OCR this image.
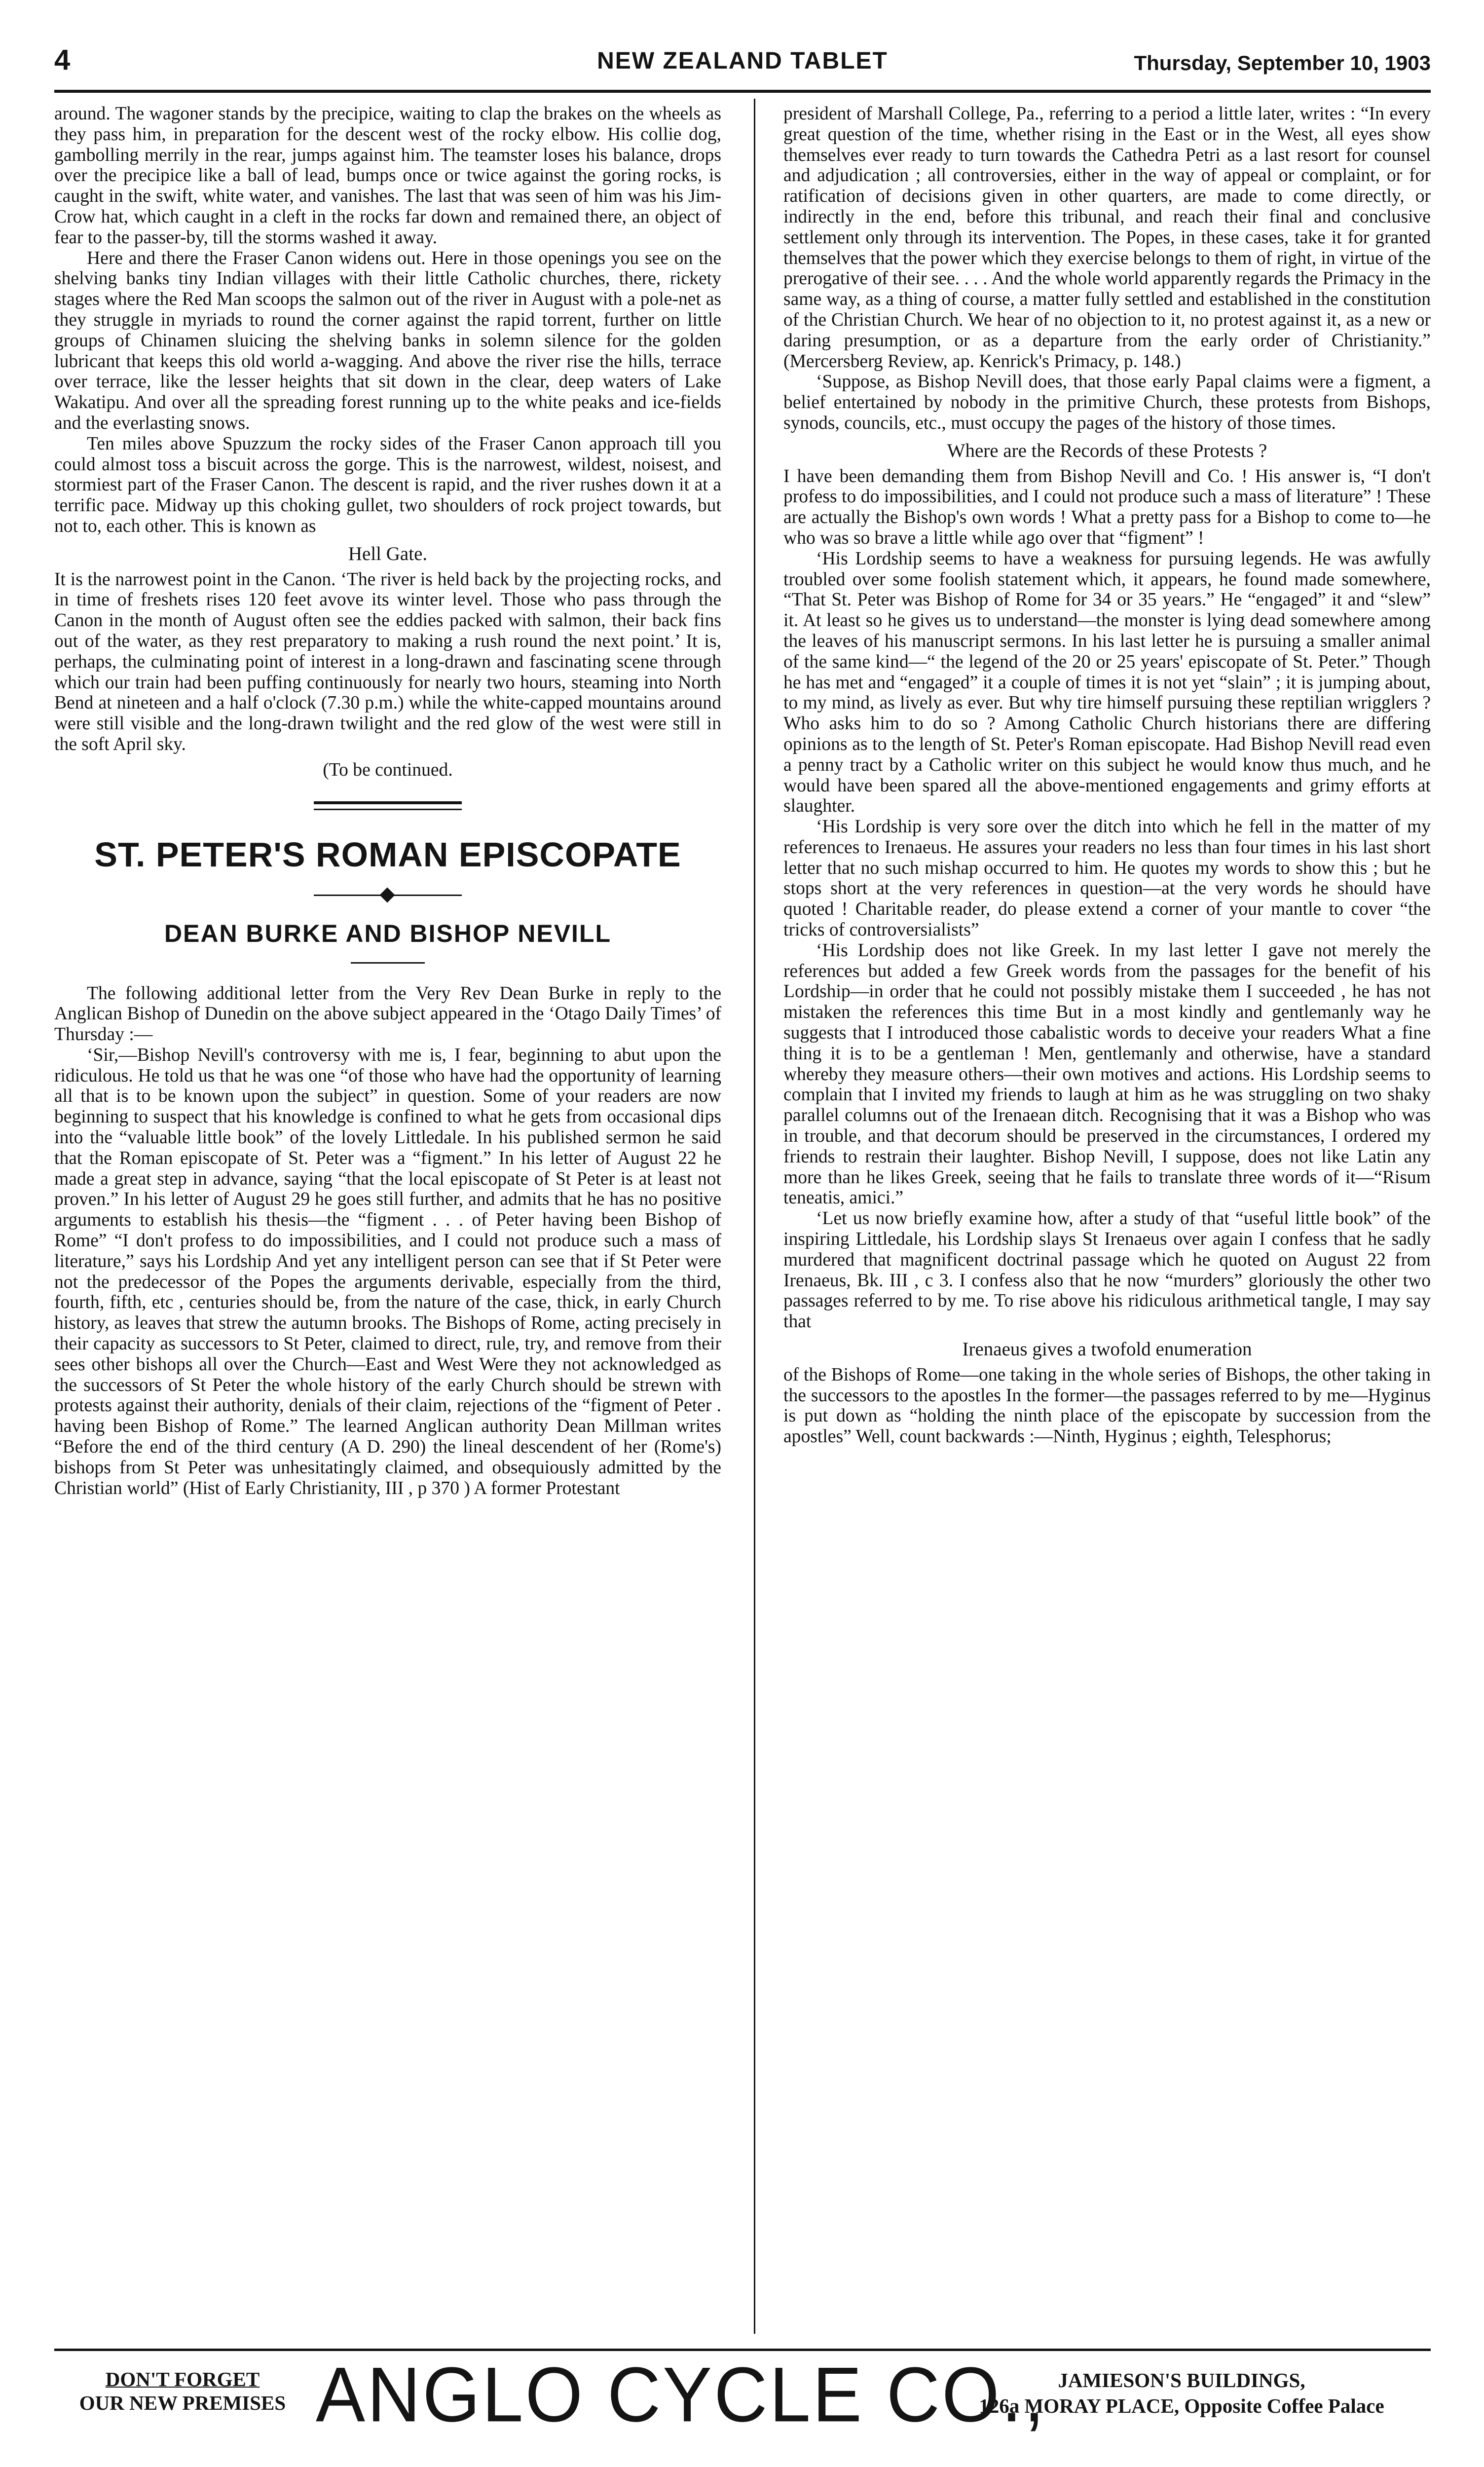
4	NEW ZEALAND TABLET	Thursday, September 10, 1903

around. The wagoner stands by the precipice, waiting to clap the brakes on the wheels as they pass him, in preparation for the descent west of the rocky elbow. His collie dog, gambolling merrily in the rear, jumps against him. The teamster loses his balance, drops over the precipice like a ball of lead, bumps once or twice against the goring rocks, is caught in the swift, white water, and vanishes. The last that was seen of him was his Jim-Crow hat, which caught in a cleft in the rocks far down and remained there, an object of fear to the passer-by, till the storms washed it away.

Here and there the Fraser Canon widens out. Here in those openings you see on the shelving banks tiny Indian villages with their little Catholic churches, there, rickety stages where the Red Man scoops the salmon out of the river in August with a pole-net as they struggle in myriads to round the corner against the rapid torrent, further on little groups of Chinamen sluicing the shelving banks in solemn silence for the golden lubricant that keeps this old world a-wagging. And above the river rise the hills, terrace over terrace, like the lesser heights that sit down in the clear, deep waters of Lake Wakatipu. And over all the spreading forest running up to the white peaks and ice-fields and the everlasting snows.

Ten miles above Spuzzum the rocky sides of the Fraser Canon approach till you could almost toss a biscuit across the gorge. This is the narrowest, wildest, noisest, and stormiest part of the Fraser Canon. The descent is rapid, and the river rushes down it at a terrific pace. Midway up this choking gullet, two shoulders of rock project towards, but not to, each other. This is known as

Hell Gate.

It is the narrowest point in the Canon. ‘The river is held back by the projecting rocks, and in time of freshets rises 120 feet avove its winter level. Those who pass through the Canon in the month of August often see the eddies packed with salmon, their back fins out of the water, as they rest preparatory to making a rush round the next point.’ It is, perhaps, the culminating point of interest in a long-drawn and fascinating scene through which our train had been puffing continuously for nearly two hours, steaming into North Bend at nineteen and a half o'clock (7.30 p.m.) while the white-capped mountains around were still visible and the long-drawn twilight and the red glow of the west were still in the soft April sky.

(To be continued.

ST. PETER'S ROMAN EPISCOPATE
DEAN BURKE AND BISHOP NEVILL

The following additional letter from the Very Rev Dean Burke in reply to the Anglican Bishop of Dunedin on the above subject appeared in the ‘Otago Daily Times’ of Thursday :—

‘Sir,—Bishop Nevill's controversy with me is, I fear, beginning to abut upon the ridiculous. He told us that he was one “of those who have had the opportunity of learning all that is to be known upon the subject” in question. Some of your readers are now beginning to suspect that his knowledge is confined to what he gets from occasional dips into the “valuable little book” of the lovely Littledale. In his published sermon he said that the Roman episcopate of St. Peter was a “figment.” In his letter of August 22 he made a great step in advance, saying “that the local episcopate of St Peter is at least not proven.” In his letter of August 29 he goes still further, and admits that he has no positive arguments to establish his thesis—the “figment . . . of Peter having been Bishop of Rome” “I don't profess to do impossibilities, and I could not produce such a mass of literature,” says his Lordship And yet any intelligent person can see that if St Peter were not the predecessor of the Popes the arguments derivable, especially from the third, fourth, fifth, etc , centuries should be, from the nature of the case, thick, in early Church history, as leaves that strew the autumn brooks. The Bishops of Rome, acting precisely in their capacity as successors to St Peter, claimed to direct, rule, try, and remove from their sees other bishops all over the Church—East and West Were they not acknowledged as the successors of St Peter the whole history of the early Church should be strewn with protests against their authority, denials of their claim, rejections of the “figment of Peter . having been Bishop of Rome.” The learned Anglican authority Dean Millman writes “Before the end of the third century (A D. 290) the lineal descendent of her (Rome's) bishops from St Peter was unhesitatingly claimed, and obsequiously admitted by the Christian world” (Hist of Early Christianity, III , p 370 ) A former Protestant

president of Marshall College, Pa., referring to a period a little later, writes : “In every great question of the time, whether rising in the East or in the West, all eyes show themselves ever ready to turn towards the Cathedra Petri as a last resort for counsel and adjudication ; all controversies, either in the way of appeal or complaint, or for ratification of decisions given in other quarters, are made to come directly, or indirectly in the end, before this tribunal, and reach their final and conclusive settlement only through its intervention. The Popes, in these cases, take it for granted themselves that the power which they exercise belongs to them of right, in virtue of the prerogative of their see. . . . And the whole world apparently regards the Primacy in the same way, as a thing of course, a matter fully settled and established in the constitution of the Christian Church. We hear of no objection to it, no protest against it, as a new or daring presumption, or as a departure from the early order of Christianity.” (Mercersberg Review, ap. Kenrick's Primacy, p. 148.)

‘Suppose, as Bishop Nevill does, that those early Papal claims were a figment, a belief entertained by nobody in the primitive Church, these protests from Bishops, synods, councils, etc., must occupy the pages of the history of those times.

Where are the Records of these Protests ?

I have been demanding them from Bishop Nevill and Co. ! His answer is, “I don't profess to do impossibilities, and I could not produce such a mass of literature” ! These are actually the Bishop's own words ! What a pretty pass for a Bishop to come to—he who was so brave a little while ago over that “figment” !

‘His Lordship seems to have a weakness for pursuing legends. He was awfully troubled over some foolish statement which, it appears, he found made somewhere, “That St. Peter was Bishop of Rome for 34 or 35 years.” He “engaged” it and “slew” it. At least so he gives us to understand—the monster is lying dead somewhere among the leaves of his manuscript sermons. In his last letter he is pursuing a smaller animal of the same kind—“ the legend of the 20 or 25 years' episcopate of St. Peter.” Though he has met and “engaged” it a couple of times it is not yet “slain” ; it is jumping about, to my mind, as lively as ever. But why tire himself pursuing these reptilian wrigglers ? Who asks him to do so ? Among Catholic Church historians there are differing opinions as to the length of St. Peter's Roman episcopate. Had Bishop Nevill read even a penny tract by a Catholic writer on this subject he would know thus much, and he would have been spared all the above-mentioned engagements and grimy efforts at slaughter.

‘His Lordship is very sore over the ditch into which he fell in the matter of my references to Irenaeus. He assures your readers no less than four times in his last short letter that no such mishap occurred to him. He quotes my words to show this ; but he stops short at the very references in question—at the very words he should have quoted ! Charitable reader, do please extend a corner of your mantle to cover “the tricks of controversialists”

‘His Lordship does not like Greek. In my last letter I gave not merely the references but added a few Greek words from the passages for the benefit of his Lordship—in order that he could not possibly mistake them I succeeded , he has not mistaken the references this time But in a most kindly and gentlemanly way he suggests that I introduced those cabalistic words to deceive your readers What a fine thing it is to be a gentleman ! Men, gentlemanly and otherwise, have a standard whereby they measure others—their own motives and actions. His Lordship seems to complain that I invited my friends to laugh at him as he was struggling on two shaky parallel columns out of the Irenaean ditch. Recognising that it was a Bishop who was in trouble, and that decorum should be preserved in the circumstances, I ordered my friends to restrain their laughter. Bishop Nevill, I suppose, does not like Latin any more than he likes Greek, seeing that he fails to translate three words of it—“Risum teneatis, amici.”

‘Let us now briefly examine how, after a study of that “useful little book” of the inspiring Littledale, his Lordship slays St Irenaeus over again I confess that he sadly murdered that magnificent doctrinal passage which he quoted on August 22 from Irenaeus, Bk. III , c 3. I confess also that he now “murders” gloriously the other two passages referred to by me. To rise above his ridiculous arithmetical tangle, I may say that

Irenaeus gives a twofold enumeration

of the Bishops of Rome—one taking in the whole series of Bishops, the other taking in the successors to the apostles In the former—the passages referred to by me—Hyginus is put down as “holding the ninth place of the episcopate by succession from the apostles” Well, count backwards :—Ninth, Hyginus ; eighth, Telesphorus;

DON'T FORGET
OUR NEW PREMISES ANGLO CYCLE CO., JAMIESON'S BUILDINGS,
126a MORAY PLACE, Opposite Coffee Palace
